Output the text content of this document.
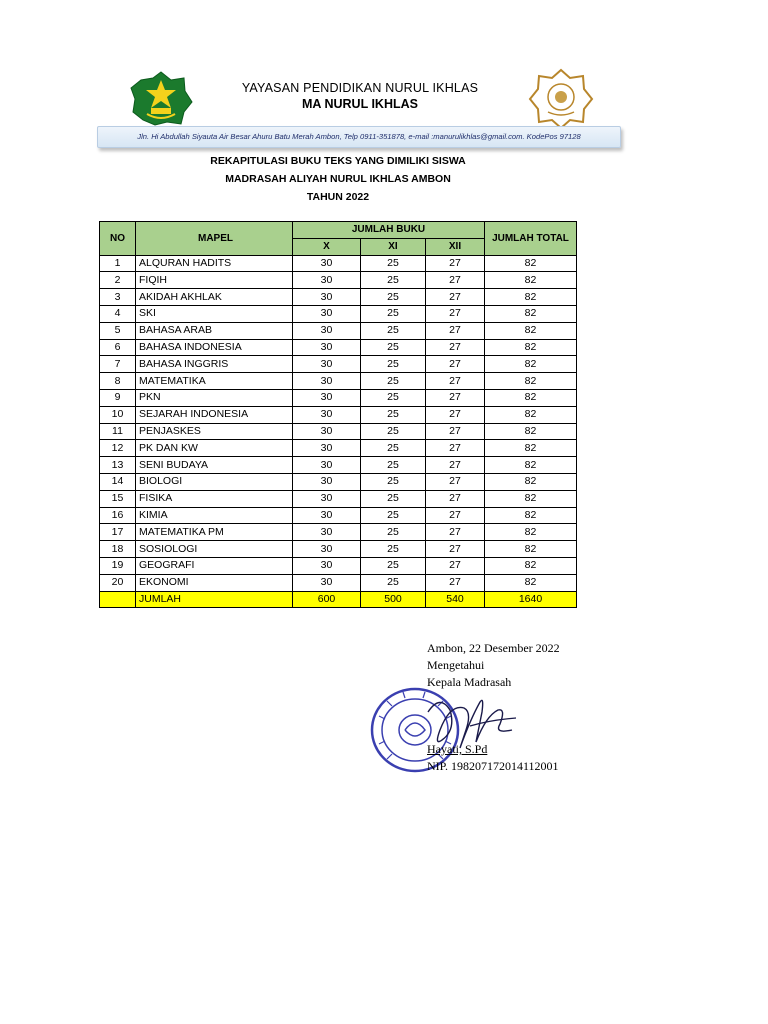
YAYASAN PENDIDIKAN NURUL IKHLAS
MA NURUL IKHLAS
Jln. Hi Abdullah Siyauta Air Besar Ahuru Batu Merah Ambon, Telp 0911-351878, e-mail :manurulikhlas@gmail.com. KodePos 97128
REKAPITULASI BUKU TEKS YANG DIMILIKI SISWA
MADRASAH ALIYAH NURUL IKHLAS AMBON
TAHUN 2022
NO	MAPEL	JUMLAH BUKU			JUMLAH TOTAL
		X	XI	XII	
1	ALQURAN HADITS	30	25	27	82
2	FIQIH	30	25	27	82
3	AKIDAH AKHLAK	30	25	27	82
4	SKI	30	25	27	82
5	BAHASA ARAB	30	25	27	82
6	BAHASA INDONESIA	30	25	27	82
7	BAHASA INGGRIS	30	25	27	82
8	MATEMATIKA	30	25	27	82
9	PKN	30	25	27	82
10	SEJARAH INDONESIA	30	25	27	82
11	PENJASKES	30	25	27	82
12	PK DAN KW	30	25	27	82
13	SENI BUDAYA	30	25	27	82
14	BIOLOGI	30	25	27	82
15	FISIKA	30	25	27	82
16	KIMIA	30	25	27	82
17	MATEMATIKA PM	30	25	27	82
18	SOSIOLOGI	30	25	27	82
19	GEOGRAFI	30	25	27	82
20	EKONOMI	30	25	27	82
	JUMLAH	600	500	540	1640
Ambon, 22 Desember 2022
Mengetahui
Kepala Madrasah
Hayati, S.Pd
NIP. 198207172014112001
